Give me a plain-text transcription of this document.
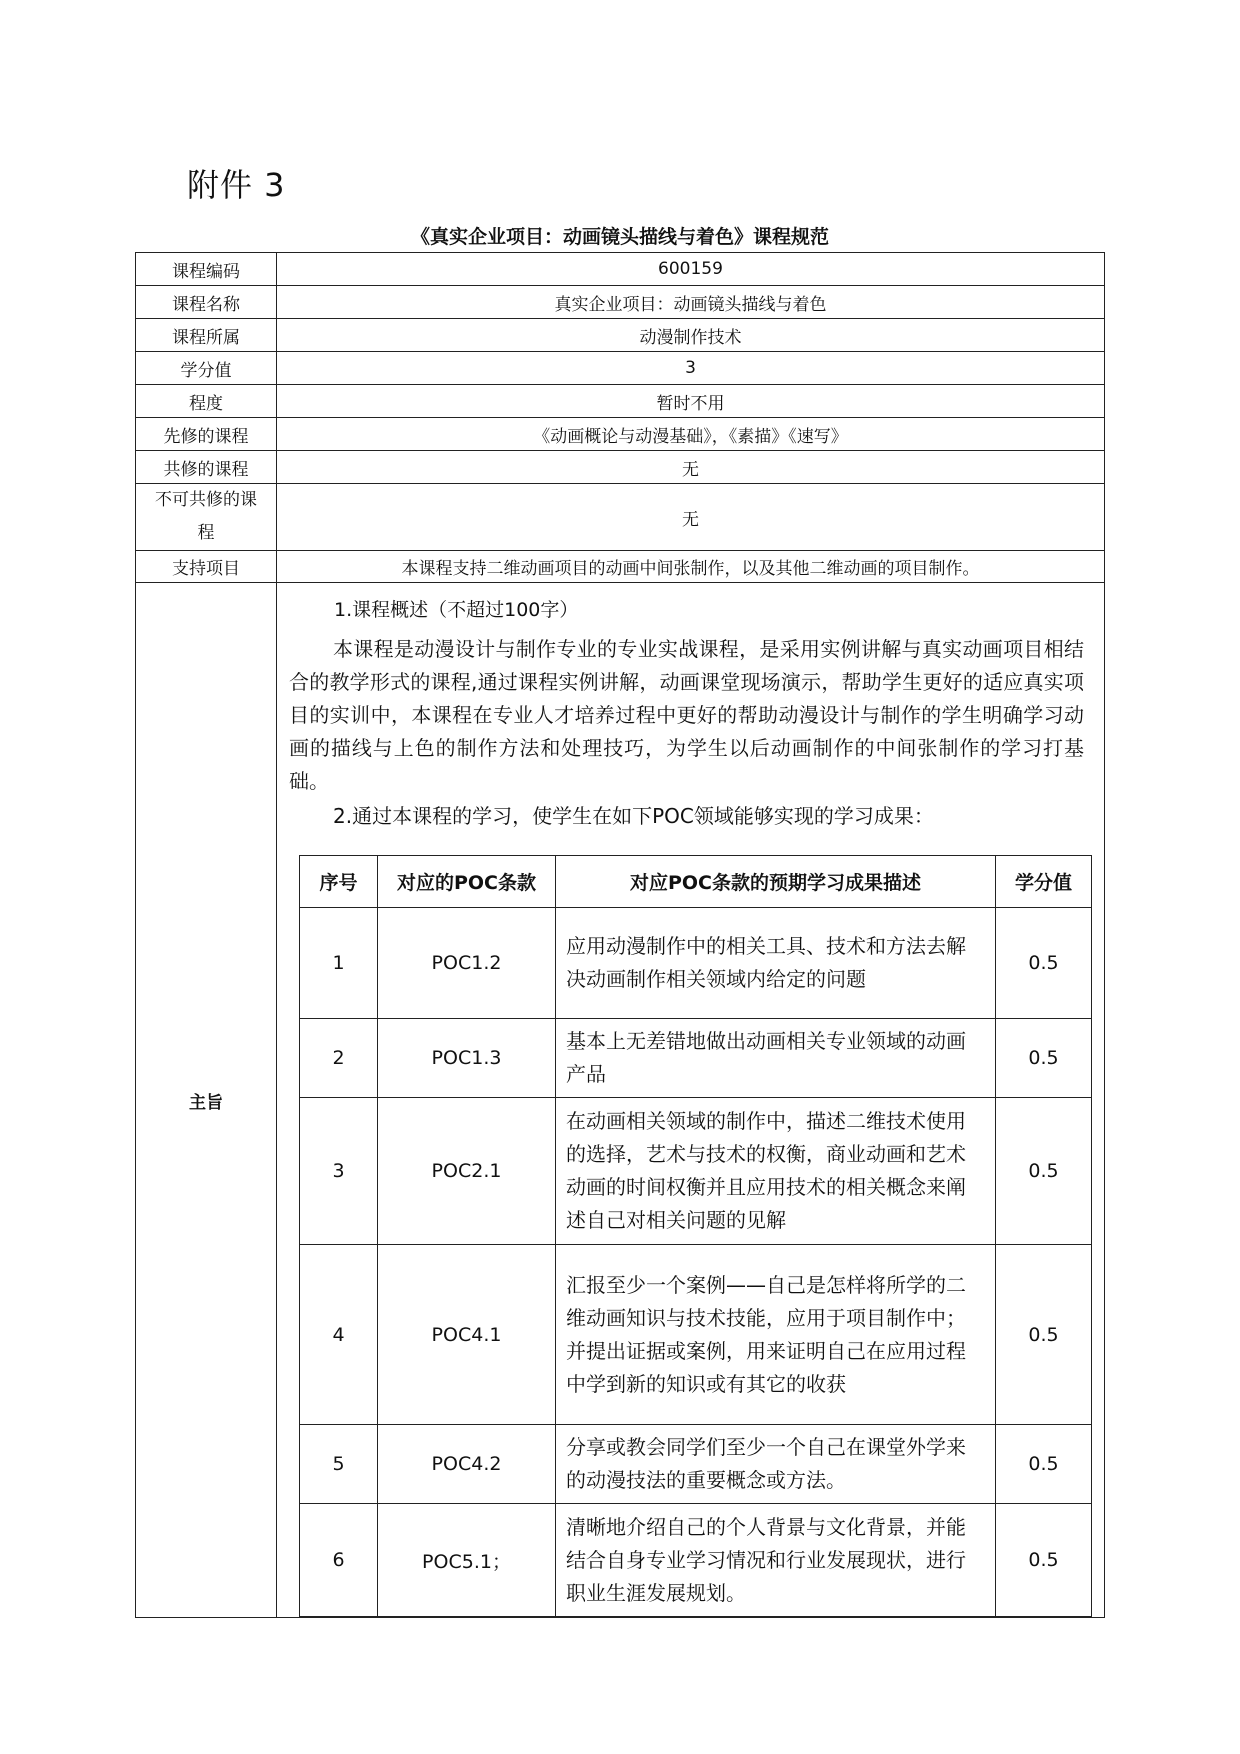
附件 3
《真实企业项目：动画镜头描线与着色》课程规范
课程编码	600159
课程名称	真实企业项目：动画镜头描线与着色
课程所属	动漫制作技术
学分值	3
程度	暂时不用
先修的课程	《动画概论与动漫基础》，《素描》《速写》
共修的课程	无
不可共修的课程	无
支持项目	本课程支持二维动画项目的动画中间张制作，以及其他二维动画的项目制作。
主旨	
1.课程概述（不超过100字）
本课程是动漫设计与制作专业的专业实战课程，是采用实例讲解与真实动画项目相结合的教学形式的课程,通过课程实例讲解，动画课堂现场演示，帮助学生更好的适应真实项目的实训中，本课程在专业人才培养过程中更好的帮助动漫设计与制作的学生明确学习动画的描线与上色的制作方法和处理技巧，为学生以后动画制作的中间张制作的学习打基础。
2.通过本课程的学习，使学生在如下POC领域能够实现的学习成果：
序号	对应的POC条款	对应POC条款的预期学习成果描述	学分值
1	POC1.2	应用动漫制作中的相关工具、技术和方法去解决动画制作相关领域内给定的问题	0.5
2	POC1.3	基本上无差错地做出动画相关专业领域的动画产品	0.5
3	POC2.1	在动画相关领域的制作中，描述二维技术使用的选择，艺术与技术的权衡，商业动画和艺术动画的时间权衡并且应用技术的相关概念来阐述自己对相关问题的见解	0.5
4	POC4.1	汇报至少一个案例——自己是怎样将所学的二维动画知识与技术技能，应用于项目制作中；并提出证据或案例，用来证明自己在应用过程中学到新的知识或有其它的收获	0.5
5	POC4.2	分享或教会同学们至少一个自己在课堂外学来的动漫技法的重要概念或方法。	0.5
6	POC5.1；	清晰地介绍自己的个人背景与文化背景，并能结合自身专业学习情况和行业发展现状，进行职业生涯发展规划。	0.5
